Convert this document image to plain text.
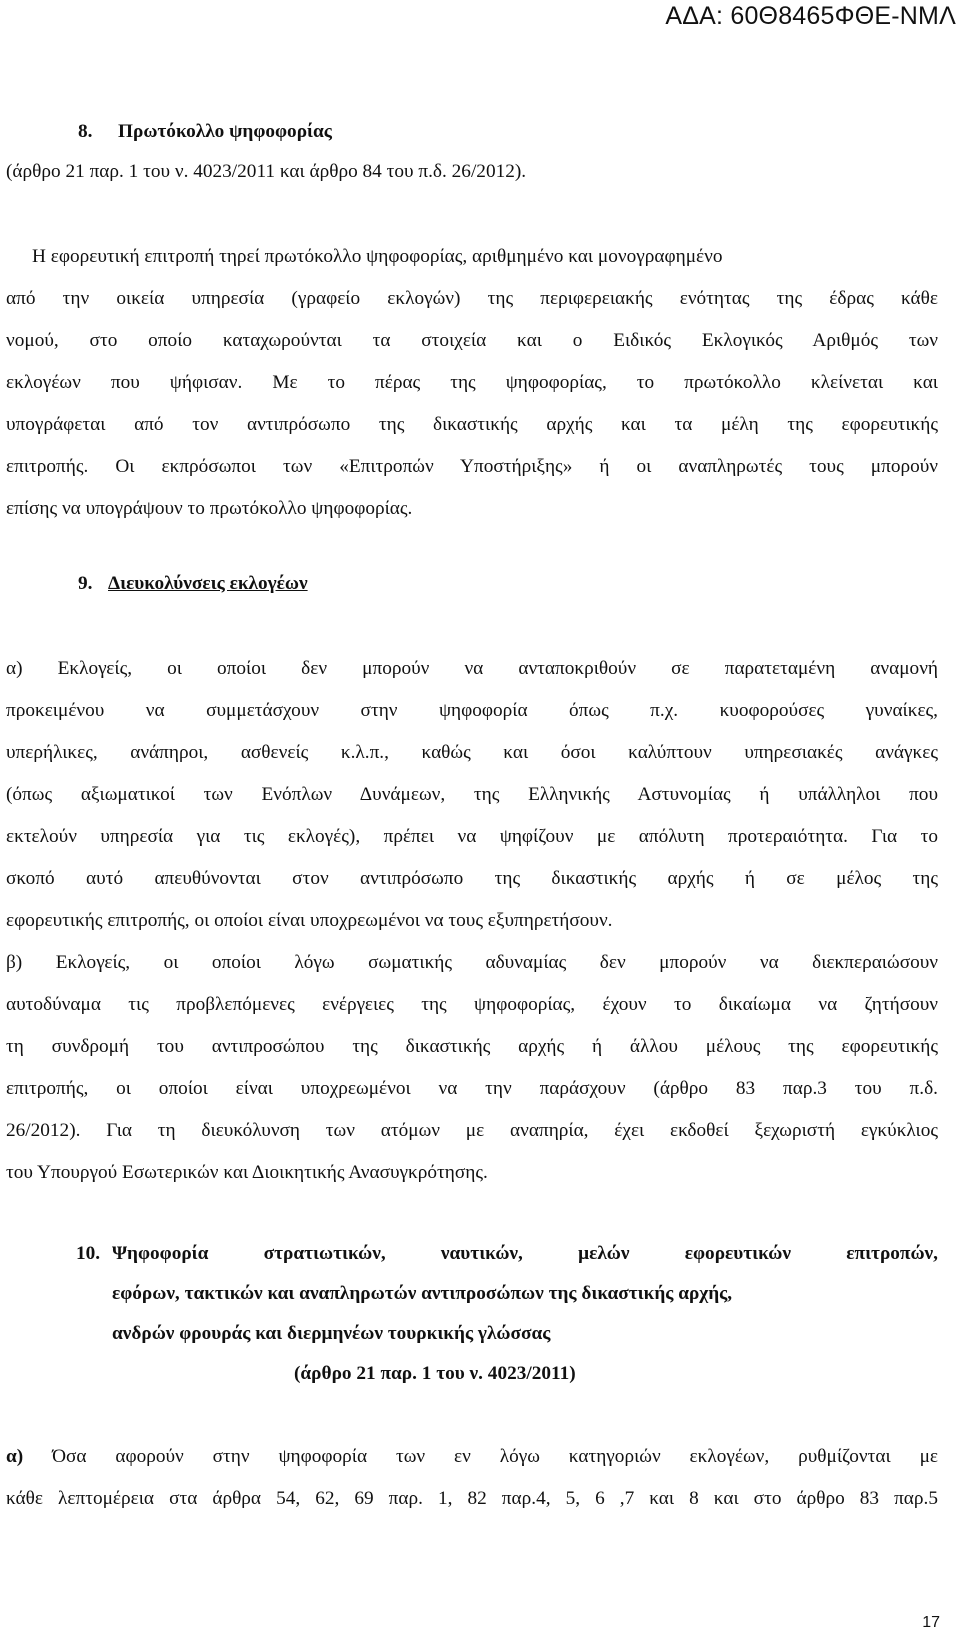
ΑΔΑ: 60Θ8465ΦΘΕ-ΝΜΛ
8. Πρωτόκολλο ψηφοφορίας
(άρθρο 21 παρ. 1 του ν. 4023/2011 και άρθρο 84 του π.δ. 26/2012).
Η εφορευτική επιτροπή τηρεί πρωτόκολλο ψηφοφορίας, αριθμημένο και μονογραφημένο
από την οικεία υπηρεσία (γραφείο εκλογών) της περιφερειακής ενότητας της έδρας κάθε
νομού, στο οποίο καταχωρούνται τα στοιχεία και ο Ειδικός Εκλογικός Αριθμός των
εκλογέων που ψήφισαν. Με το πέρας της ψηφοφορίας, το πρωτόκολλο κλείνεται και
υπογράφεται από τον αντιπρόσωπο της δικαστικής αρχής και τα μέλη της εφορευτικής
επιτροπής. Οι εκπρόσωποι των «Επιτροπών Υποστήριξης» ή οι αναπληρωτές τους μπορούν
επίσης να υπογράψουν το πρωτόκολλο ψηφοφορίας.
9. Διευκολύνσεις εκλογέων
α) Εκλογείς, οι οποίοι δεν μπορούν να ανταποκριθούν σε παρατεταμένη αναμονή
προκειμένου να συμμετάσχουν στην ψηφοφορία όπως π.χ. κυοφορούσες γυναίκες,
υπερήλικες, ανάπηροι, ασθενείς κ.λ.π., καθώς και όσοι καλύπτουν υπηρεσιακές ανάγκες
(όπως αξιωματικοί των Ενόπλων Δυνάμεων, της Ελληνικής Αστυνομίας ή υπάλληλοι που
εκτελούν υπηρεσία για τις εκλογές), πρέπει να ψηφίζουν με απόλυτη προτεραιότητα. Για το
σκοπό αυτό απευθύνονται στον αντιπρόσωπο της δικαστικής αρχής ή σε μέλος της
εφορευτικής επιτροπής, οι οποίοι είναι υποχρεωμένοι να τους εξυπηρετήσουν.
β) Εκλογείς, οι οποίοι λόγω σωματικής αδυναμίας δεν μπορούν να διεκπεραιώσουν
αυτοδύναμα τις προβλεπόμενες ενέργειες της ψηφοφορίας, έχουν το δικαίωμα να ζητήσουν
τη συνδρομή του αντιπροσώπου της δικαστικής αρχής ή άλλου μέλους της εφορευτικής
επιτροπής, οι οποίοι είναι υποχρεωμένοι να την παράσχουν (άρθρο 83 παρ.3 του π.δ.
26/2012). Για τη διευκόλυνση των ατόμων με αναπηρία, έχει εκδοθεί ξεχωριστή εγκύκλιος
του Υπουργού Εσωτερικών και Διοικητικής Ανασυγκρότησης.
10. Ψηφοφορία στρατιωτικών, ναυτικών, μελών εφορευτικών επιτροπών,
εφόρων, τακτικών και αναπληρωτών αντιπροσώπων της δικαστικής αρχής,
ανδρών φρουράς και διερμηνέων τουρκικής γλώσσας
(άρθρο 21 παρ. 1 του ν. 4023/2011)
α) Όσα αφορούν στην ψηφοφορία των εν λόγω κατηγοριών εκλογέων, ρυθμίζονται με
κάθε λεπτομέρεια στα άρθρα 54, 62, 69 παρ. 1, 82 παρ.4, 5, 6 ,7 και 8 και στο άρθρο 83 παρ.5
17
